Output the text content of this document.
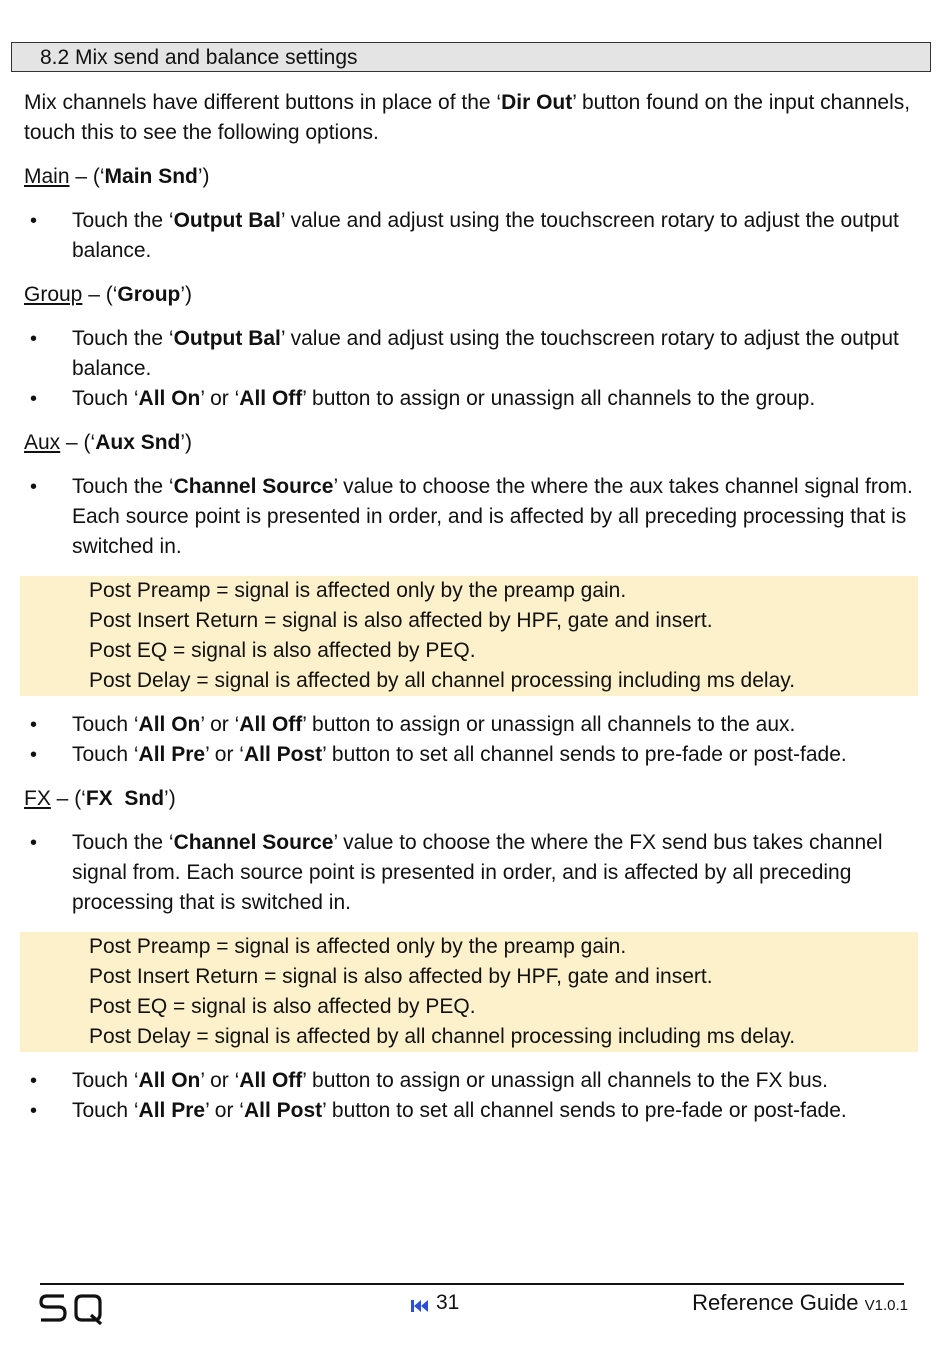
8.2 Mix send and balance settings

Mix channels have different buttons in place of the ‘Dir Out’ button found on the input channels, touch this to see the following options.

Main – (‘Main Snd’)

• Touch the ‘Output Bal’ value and adjust using the touchscreen rotary to adjust the output balance.

Group – (‘Group’)

• Touch the ‘Output Bal’ value and adjust using the touchscreen rotary to adjust the output balance.
• Touch ‘All On’ or ‘All Off’ button to assign or unassign all channels to the group.

Aux – (‘Aux Snd’)

• Touch the ‘Channel Source’ value to choose the where the aux takes channel signal from. Each source point is presented in order, and is affected by all preceding processing that is switched in.
Post Preamp = signal is affected only by the preamp gain.
Post Insert Return = signal is also affected by HPF, gate and insert.
Post EQ = signal is also affected by PEQ.
Post Delay = signal is affected by all channel processing including ms delay.
• Touch ‘All On’ or ‘All Off’ button to assign or unassign all channels to the aux.
• Touch ‘All Pre’ or ‘All Post’ button to set all channel sends to pre-fade or post-fade.

FX – (‘FX  Snd’)

• Touch the ‘Channel Source’ value to choose the where the FX send bus takes channel signal from. Each source point is presented in order, and is affected by all preceding processing that is switched in.
Post Preamp = signal is affected only by the preamp gain.
Post Insert Return = signal is also affected by HPF, gate and insert.
Post EQ = signal is also affected by PEQ.
Post Delay = signal is affected by all channel processing including ms delay.
• Touch ‘All On’ or ‘All Off’ button to assign or unassign all channels to the FX bus.
• Touch ‘All Pre’ or ‘All Post’ button to set all channel sends to pre-fade or post-fade.
31	Reference Guide V1.0.1
